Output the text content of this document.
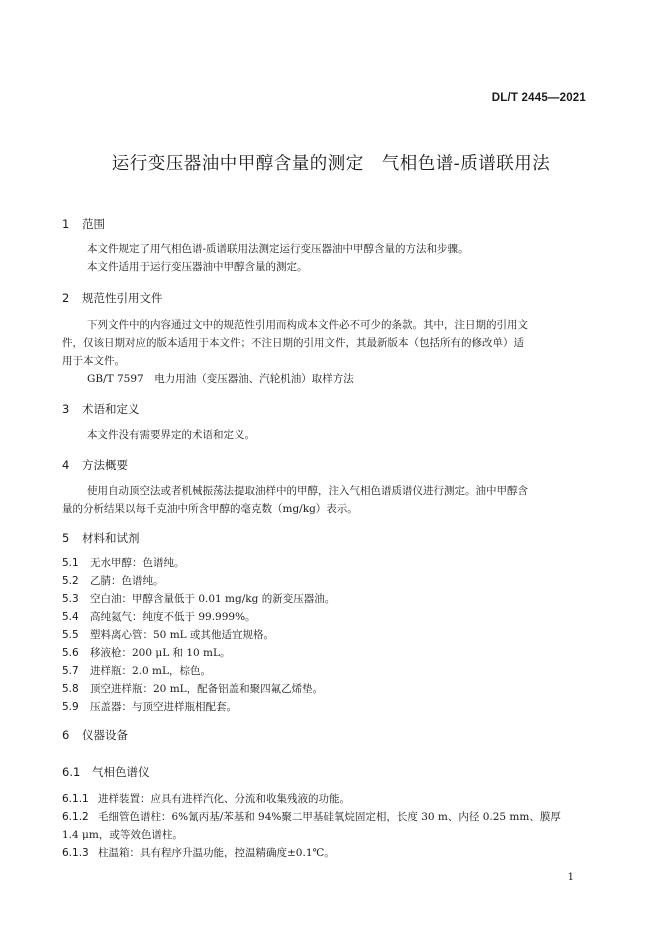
DL/T 2445—2021
运行变压器油中甲醇含量的测定 气相色谱-质谱联用法
1 范围
本文件规定了用气相色谱-质谱联用法测定运行变压器油中甲醇含量的方法和步骤。
本文件适用于运行变压器油中甲醇含量的测定。
2 规范性引用文件
下列文件中的内容通过文中的规范性引用而构成本文件必不可少的条款。其中，注日期的引用文
件，仅该日期对应的版本适用于本文件；不注日期的引用文件，其最新版本（包括所有的修改单）适
用于本文件。
GB/T 7597　电力用油（变压器油、汽轮机油）取样方法
3 术语和定义
本文件没有需要界定的术语和定义。
4 方法概要
使用自动顶空法或者机械振荡法提取油样中的甲醇，注入气相色谱质谱仪进行测定。油中甲醇含
量的分析结果以每千克油中所含甲醇的毫克数（mg/kg）表示。
5 材料和试剂
5.1 无水甲醇：色谱纯。
5.2 乙腈：色谱纯。
5.3 空白油：甲醇含量低于 0.01 mg/kg 的新变压器油。
5.4 高纯氦气：纯度不低于 99.999%。
5.5 塑料离心管：50 mL 或其他适宜规格。
5.6 移液枪：200 μL 和 10 mL。
5.7 进样瓶：2.0 mL，棕色。
5.8 顶空进样瓶：20 mL，配备铝盖和聚四氟乙烯垫。
5.9 压盖器：与顶空进样瓶相配套。
6 仪器设备
6.1 气相色谱仪
6.1.1 进样装置：应具有进样汽化、分流和收集残液的功能。
6.1.2 毛细管色谱柱：6%氰丙基/苯基和 94%聚二甲基硅氧烷固定相，长度 30 m、内径 0.25 mm、膜厚
1.4 μm，或等效色谱柱。
6.1.3 柱温箱：具有程序升温功能，控温精确度±0.1℃。
1
